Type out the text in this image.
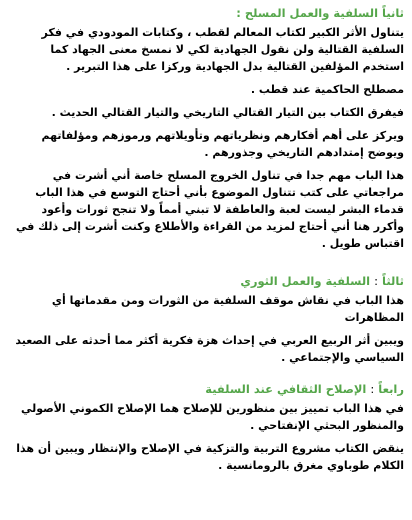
ثانياً السلفية والعمل المسلح :

يتناول الأثر الكبير لكتاب المعالم لقطب ، وكتابات المودودي في فكر السلفية القتالية ولن نقول الجهادية لكي لا نمسخ معنى الجهاد كما استخدم المؤلفين القتالية بدل الجهادية وركزا على هذا التبرير .

مصطلح الحاكمية عند قطب .

فيفرق الكتاب بين التيار القتالي التاريخي والتيار القتالي الحديث .

ويركز على أهم أفكارهم ونظرياتهم وتأويلاتهم ورموزهم ومؤلفاتهم ويوضح إمتدادهم التاريخي وجذورهم .

هذا الباب مهم جدا في تناول الخروج المسلح خاصة أني أشرت في مراجعاتي على كتب تتناول الموضوع بأني أحتاج التوسع في هذا الباب قدماء البشر ليست لعبة والعاطفة لا تبني أمماً ولا تنجح ثورات وأعود وأكرر هنا أني أحتاج لمزيد من القراءة والأطلاع وكنت أشرت إلى ذلك في اقتباس طويل .

ثالثاً : السلفية والعمل الثوري

هذا الباب في نقاش موقف السلفية من الثورات ومن مقدماتها أي المظاهرات

ويبين أثر الربيع العربي في إحداث هزة فكرية أكثر مما أحدثه على الصعيد السياسي والإجتماعي .

رابعاً : الإصلاح الثقافي عند السلفية

في هذا الباب تمييز بين منظورين للإصلاح هما الإصلاح الكموني الأصولي والمنظور البحثي الإنفتاحي .

ينقض الكتاب مشروع التربية والتزكية في الإصلاح والإنتظار ويبين أن هذا الكلام طوباوي مغرق بالرومانسية .
